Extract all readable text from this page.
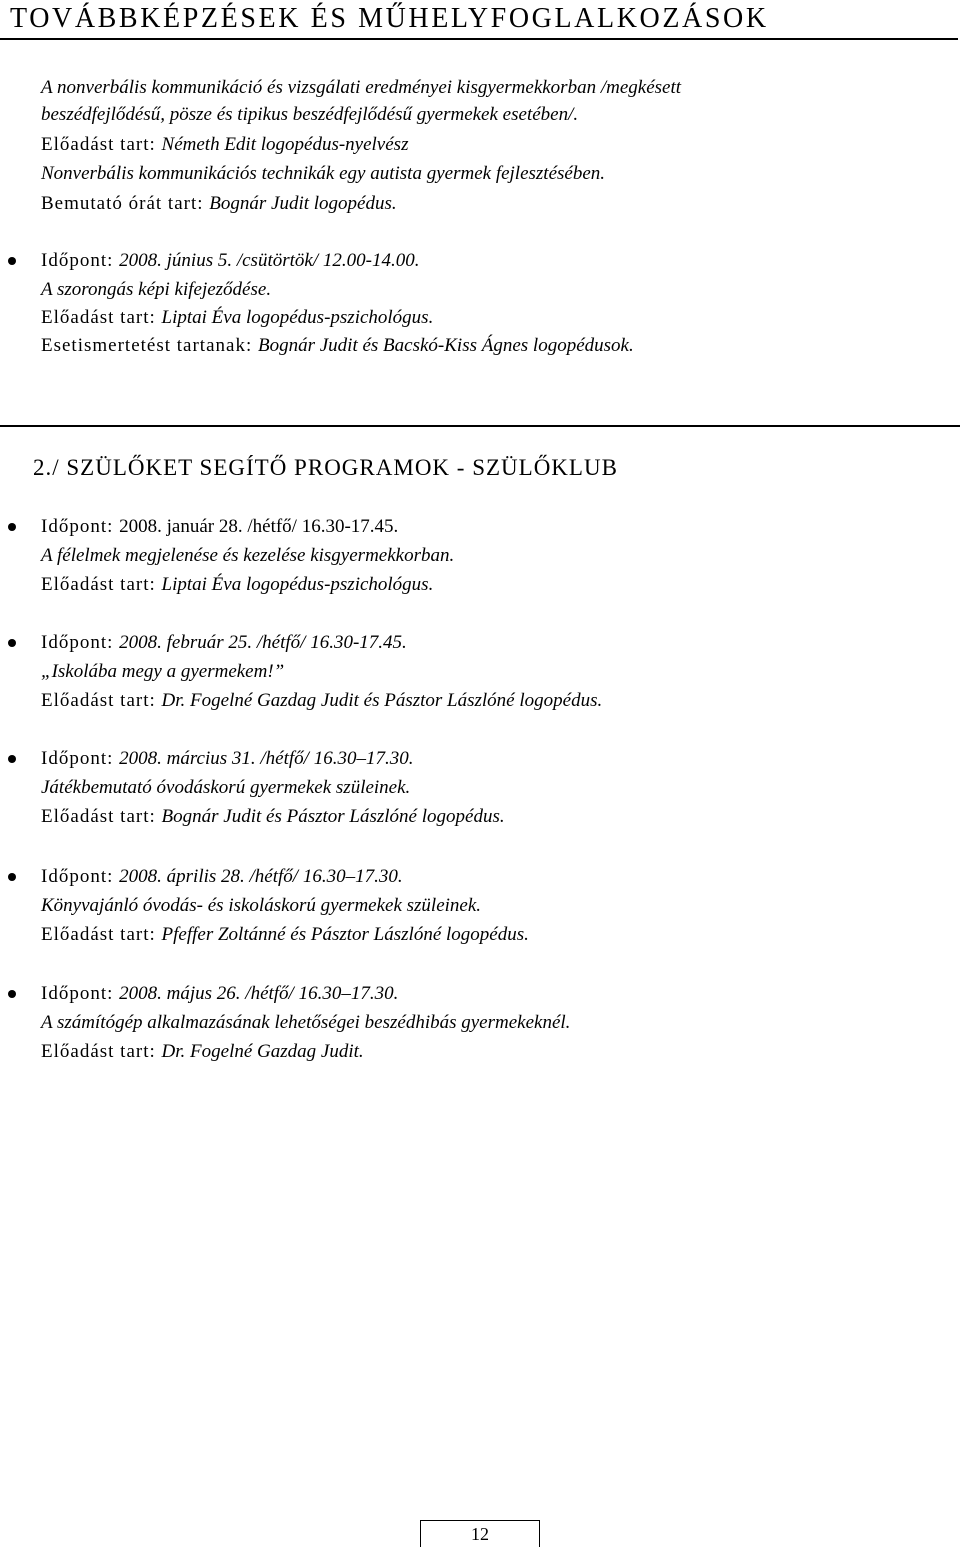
TOVÁBBKÉPZÉSEK ÉS MŰHELYFOGLALKOZÁSOK
A nonverbális kommunikáció és vizsgálati eredményei kisgyermekkorban /megkésett
beszédfejlődésű, pösze és tipikus beszédfejlődésű gyermekek esetében/.
Előadást tart: Németh Edit logopédus-nyelvész
Nonverbális kommunikációs technikák egy autista gyermek fejlesztésében.
Bemutató órát tart: Bognár Judit logopédus.
Időpont: 2008. június 5. /csütörtök/ 12.00-14.00.
A szorongás képi kifejeződése.
Előadást tart: Liptai Éva logopédus-pszichológus.
Esetismertetést tartanak: Bognár Judit és Bacskó-Kiss Ágnes logopédusok.
2./ SZÜLŐKET SEGÍTŐ PROGRAMOK - SZÜLŐKLUB
Időpont: 2008. január 28. /hétfő/ 16.30-17.45.
A félelmek megjelenése és kezelése kisgyermekkorban.
Előadást tart: Liptai Éva logopédus-pszichológus.
Időpont: 2008. február 25. /hétfő/ 16.30-17.45.
„Iskolába megy a gyermekem!”
Előadást tart: Dr. Fogelné Gazdag Judit és Pásztor Lászlóné logopédus.
Időpont: 2008. március 31. /hétfő/ 16.30–17.30.
Játékbemutató óvodáskorú gyermekek szüleinek.
Előadást tart: Bognár Judit és Pásztor Lászlóné logopédus.
Időpont: 2008. április 28. /hétfő/ 16.30–17.30.
Könyvajánló óvodás- és iskoláskorú gyermekek szüleinek.
Előadást tart: Pfeffer Zoltánné és Pásztor Lászlóné logopédus.
Időpont: 2008. május 26. /hétfő/ 16.30–17.30.
A számítógép alkalmazásának lehetőségei beszédhibás gyermekeknél.
Előadást tart: Dr. Fogelné Gazdag Judit.
12
